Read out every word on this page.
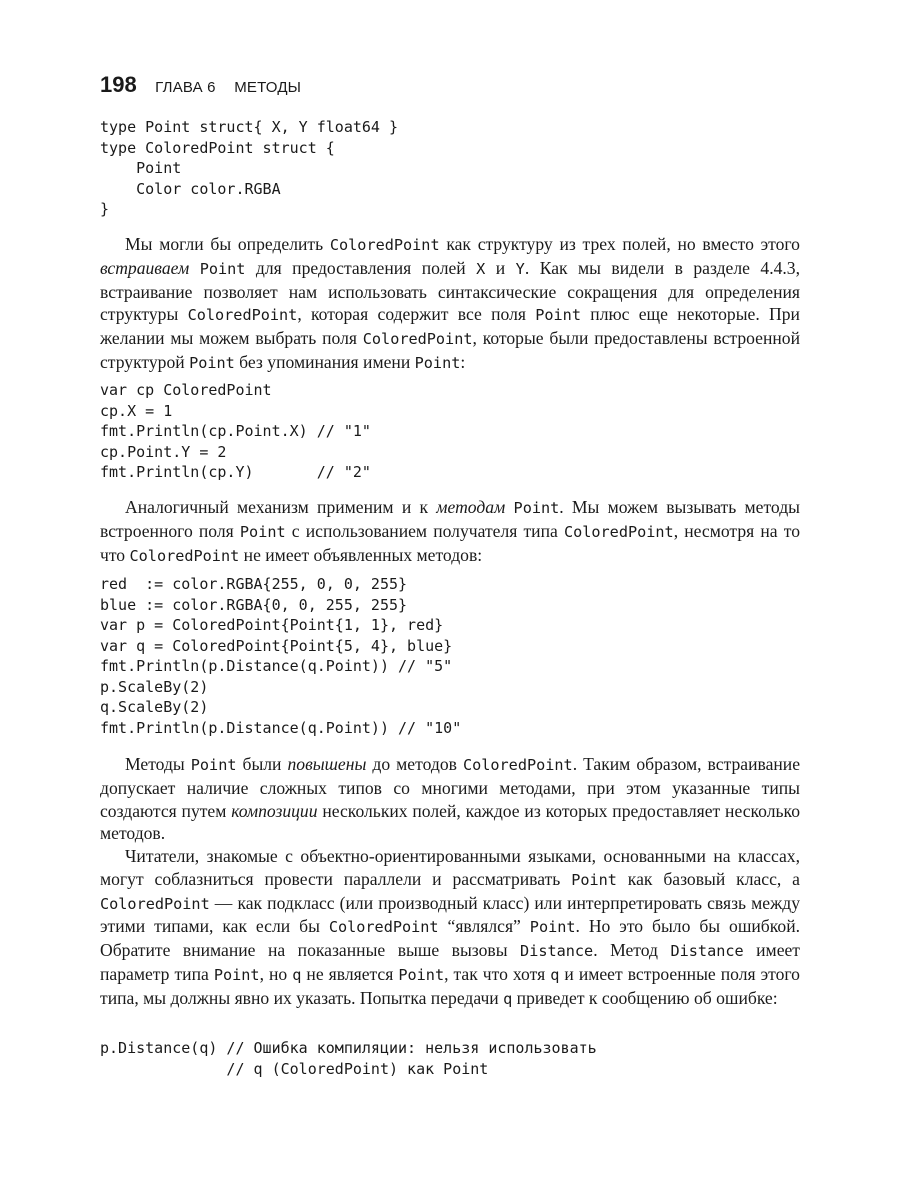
198 ГЛАВА 6 МЕТОДЫ
type Point struct{ X, Y float64 }
type ColoredPoint struct {
Point
Color color.RGBA
}

Мы могли бы определить ColoredPoint как структуру из трех полей, но вместо этого встраиваем Point для предоставления полей X и Y. Как мы видели в разделе 4.4.3, встраивание позволяет нам использовать синтаксические сокращения для определения структуры ColoredPoint, которая содержит все поля Point плюс еще некоторые. При желании мы можем выбрать поля ColoredPoint, которые были предоставлены встроенной структурой Point без упоминания имени Point:

var cp ColoredPoint
cp.X = 1
fmt.Println(cp.Point.X) // "1"
cp.Point.Y = 2
fmt.Println(cp.Y)       // "2"

Аналогичный механизм применим и к методам Point. Мы можем вызывать методы встроенного поля Point с использованием получателя типа ColoredPoint, несмотря на то что ColoredPoint не имеет объявленных методов:

red  := color.RGBA{255, 0, 0, 255}
blue := color.RGBA{0, 0, 255, 255}
var p = ColoredPoint{Point{1, 1}, red}
var q = ColoredPoint{Point{5, 4}, blue}
fmt.Println(p.Distance(q.Point)) // "5"
p.ScaleBy(2)
q.ScaleBy(2)
fmt.Println(p.Distance(q.Point)) // "10"

Методы Point были повышены до методов ColoredPoint. Таким образом, встраивание допускает наличие сложных типов со многими методами, при этом указанные типы создаются путем композиции нескольких полей, каждое из которых предоставляет несколько методов.

Читатели, знакомые с объектно-ориентированными языками, основанными на классах, могут соблазниться провести параллели и рассматривать Point как базовый класс, а ColoredPoint — как подкласс (или производный класс) или интерпретировать связь между этими типами, как если бы ColoredPoint “являлся” Point. Но это было бы ошибкой. Обратите внимание на показанные выше вызовы Distance. Метод Distance имеет параметр типа Point, но q не является Point, так что хотя q и имеет встроенные поля этого типа, мы должны явно их указать. Попытка передачи q приведет к сообщению об ошибке:

p.Distance(q) // Ошибка компиляции: нельзя использовать
// q (ColoredPoint) как Point
